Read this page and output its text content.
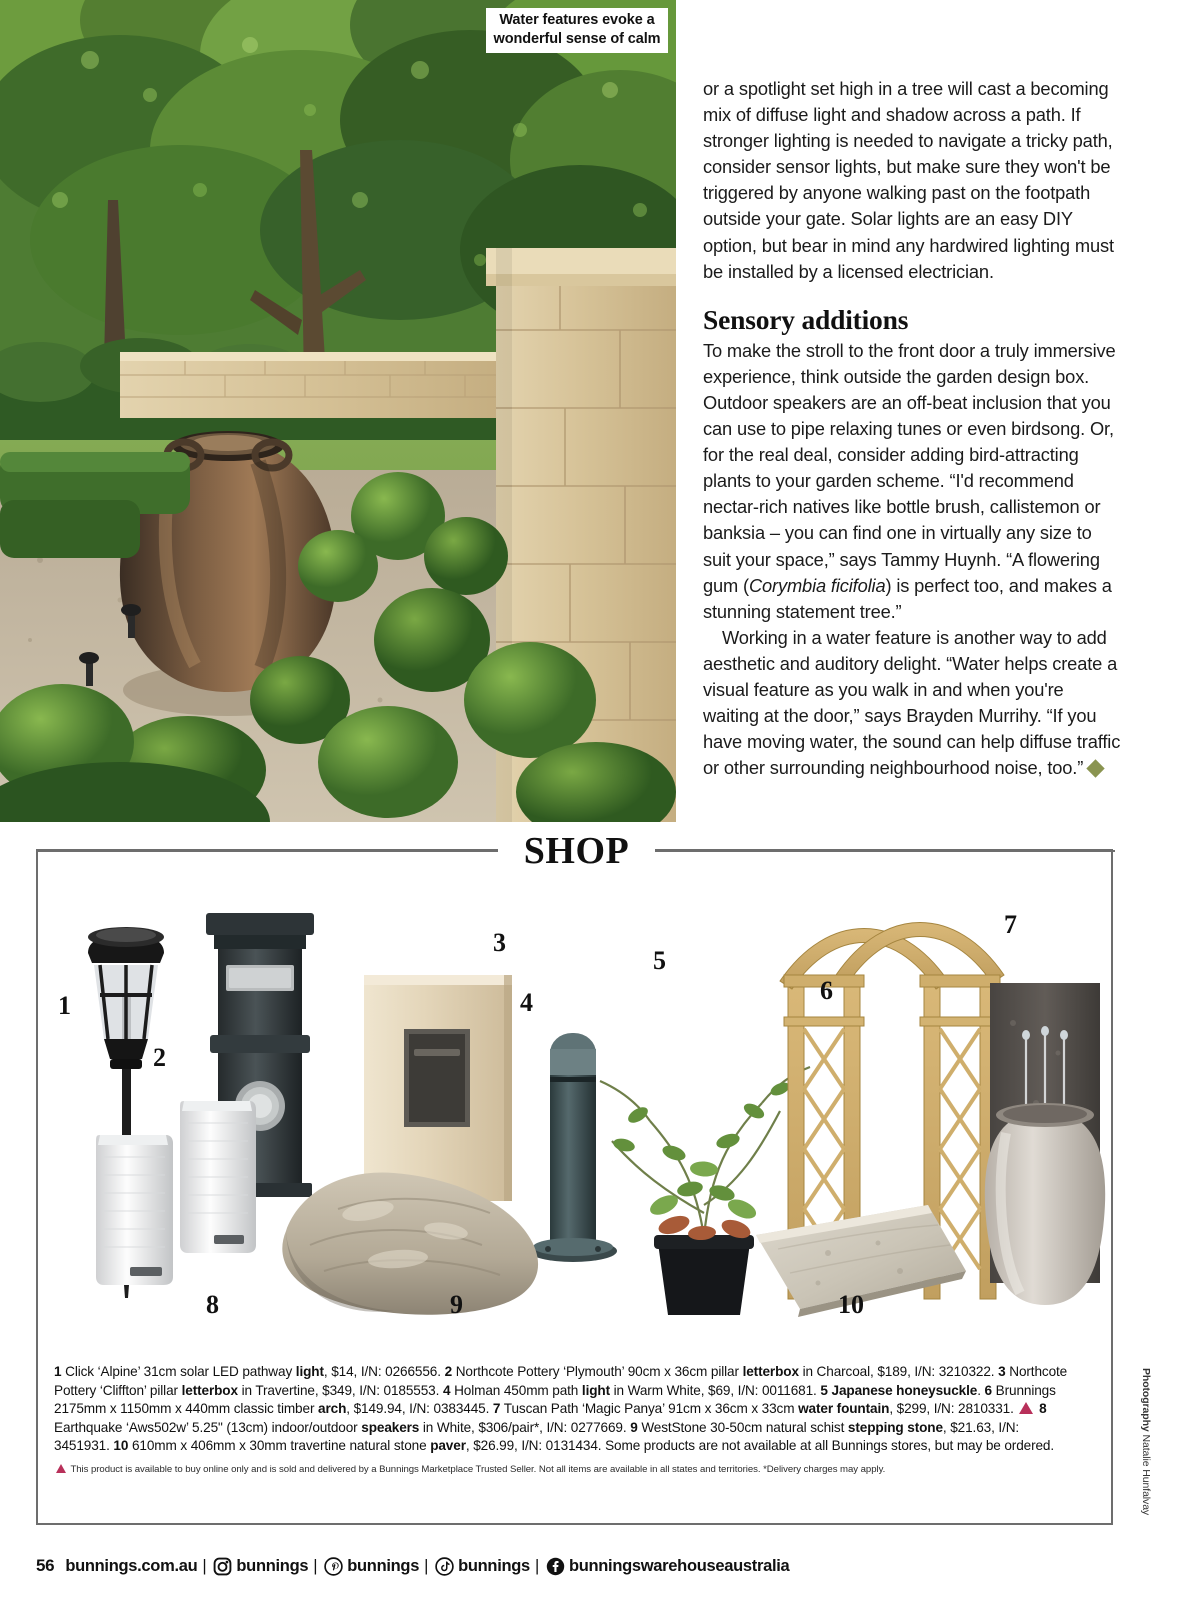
Water features evoke a wonderful sense of calm

or a spotlight set high in a tree will cast a becoming mix of diffuse light and shadow across a path. If stronger lighting is needed to navigate a tricky path, consider sensor lights, but make sure they won't be triggered by anyone walking past on the footpath outside your gate. Solar lights are an easy DIY option, but bear in mind any hardwired lighting must be installed by a licensed electrician.

Sensory additions

To make the stroll to the front door a truly immersive experience, think outside the garden design box. Outdoor speakers are an off-beat inclusion that you can use to pipe relaxing tunes or even birdsong. Or, for the real deal, consider adding bird-attracting plants to your garden scheme. “I'd recommend nectar-rich natives like bottle brush, callistemon or banksia – you can find one in virtually any size to suit your space,” says Tammy Huynh. “A flowering gum (Corymbia ficifolia) is perfect too, and makes a stunning statement tree.”

Working in a water feature is another way to add aesthetic and auditory delight. “Water helps create a visual feature as you walk in and when you're waiting at the door,” says Brayden Murrihy. “If you have moving water, the sound can help diffuse traffic or other surrounding neighbourhood noise, too.”

SHOP
1
2
3
4
5
6
7
8	9	10

1 Click ‘Alpine’ 31cm solar LED pathway light, $14, I/N: 0266556. 2 Northcote Pottery ‘Plymouth’ 90cm x 36cm pillar letterbox in Charcoal, $189, I/N: 3210322. 3 Northcote Pottery ‘Cliffton’ pillar letterbox in Travertine, $349, I/N: 0185553. 4 Holman 450mm path light in Warm White, $69, I/N: 0011681. 5 Japanese honeysuckle. 6 Brunnings 2175mm x 1150mm x 440mm classic timber arch, $149.94, I/N: 0383445. 7 Tuscan Path ‘Magic Panya’ 91cm x 36cm x 33cm water fountain, $299, I/N: 2810331. 8 Earthquake ‘Aws502w’ 5.25" (13cm) indoor/outdoor speakers in White, $306/pair*, I/N: 0277669. 9 WestStone 30-50cm natural schist stepping stone, $21.63, I/N: 3451931. 10 610mm x 406mm x 30mm travertine natural stone paver, $26.99, I/N: 0131434. Some products are not available at all Bunnings stores, but may be ordered.

This product is available to buy online only and is sold and delivered by a Bunnings Marketplace Trusted Seller. Not all items are available in all states and territories. *Delivery charges may apply.

Photography Natalie Hunfalvay
56 bunnings.com.au | bunnings | bunnings | bunnings | bunningswarehouseaustralia
